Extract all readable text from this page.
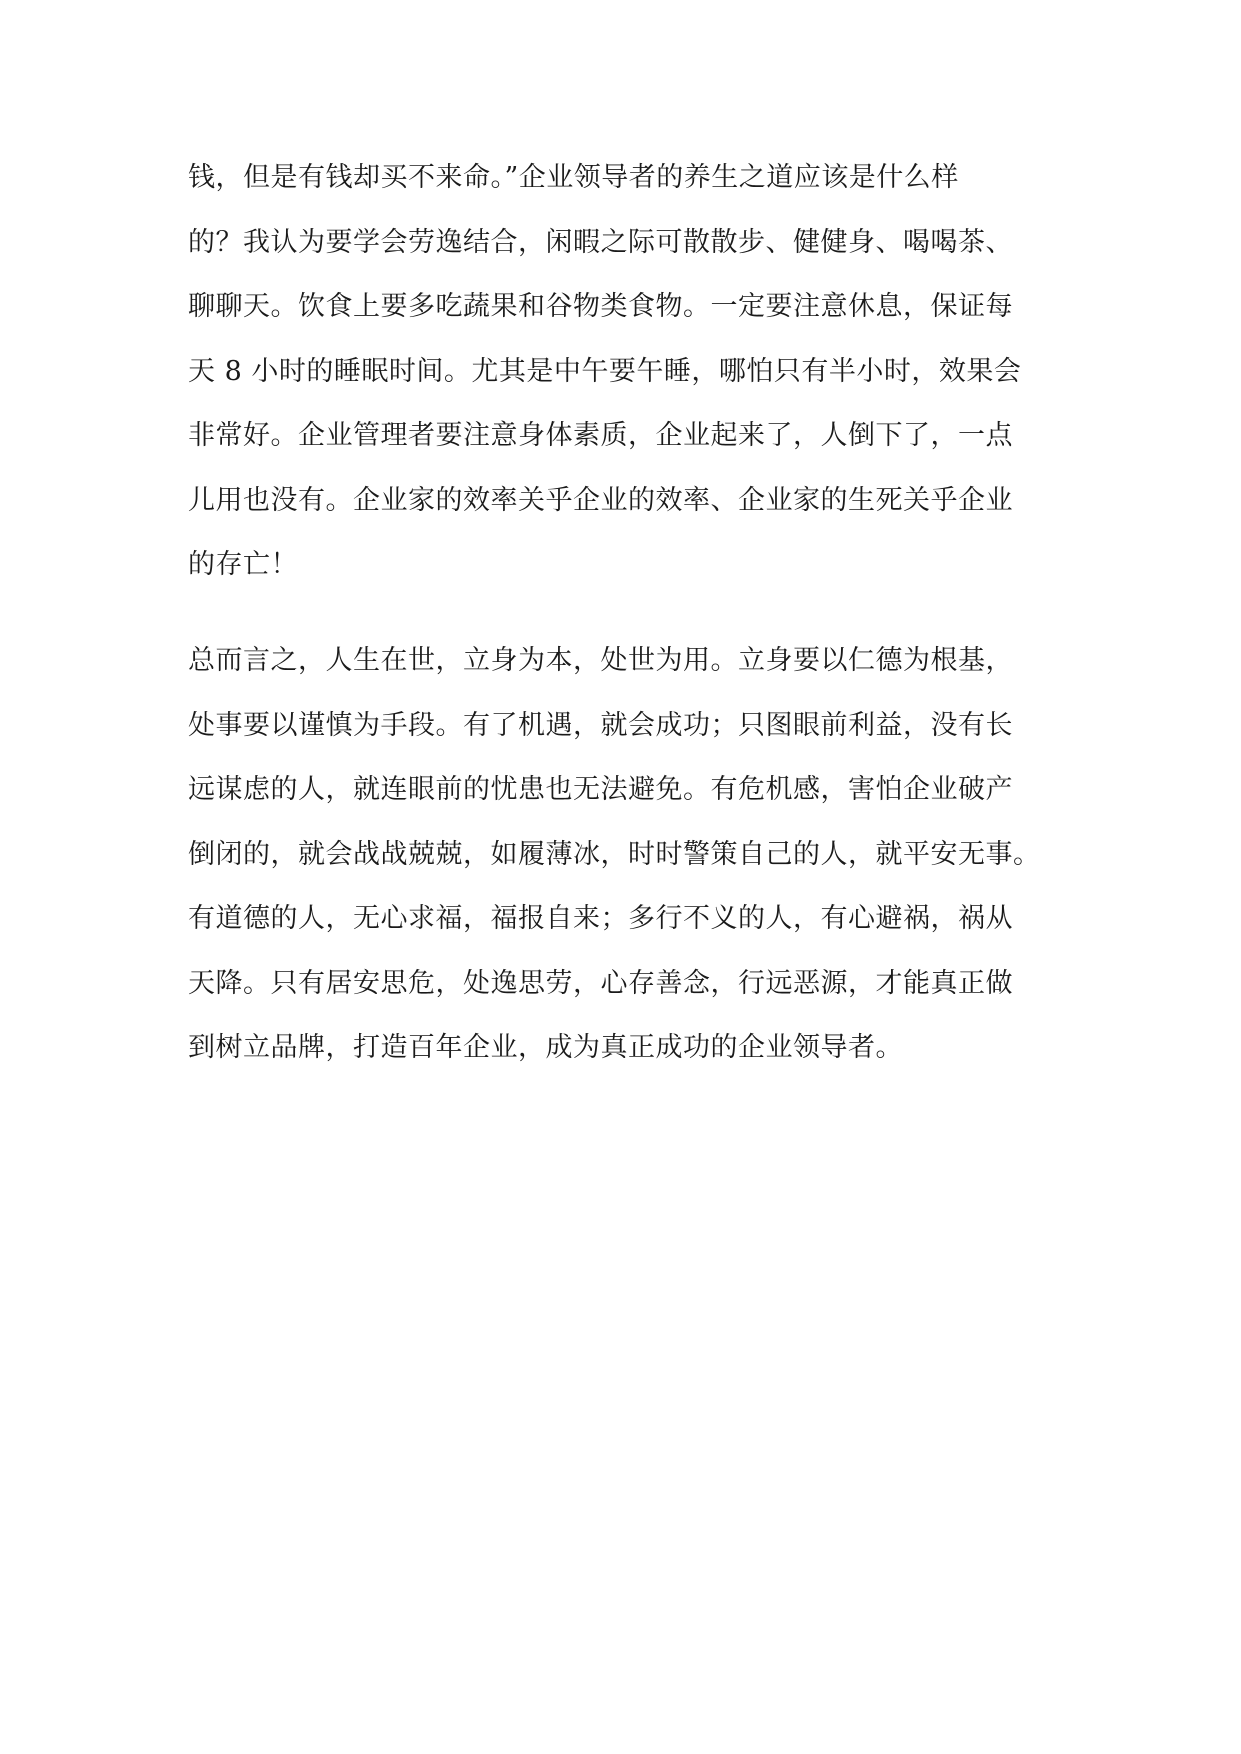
钱，但是有钱却买不来命。”企业领导者的养生之道应该是什么样
的？我认为要学会劳逸结合，闲暇之际可散散步、健健身、喝喝茶、
聊聊天。饮食上要多吃蔬果和谷物类食物。一定要注意休息，保证每
天 8 小时的睡眠时间。尤其是中午要午睡，哪怕只有半小时，效果会
非常好。企业管理者要注意身体素质，企业起来了，人倒下了，一点
儿用也没有。企业家的效率关乎企业的效率、企业家的生死关乎企业
的存亡！
总而言之，人生在世，立身为本，处世为用。立身要以仁德为根基，
处事要以谨慎为手段。有了机遇，就会成功；只图眼前利益，没有长
远谋虑的人，就连眼前的忧患也无法避免。有危机感，害怕企业破产
倒闭的，就会战战兢兢，如履薄冰，时时警策自己的人，就平安无事。
有道德的人，无心求福，福报自来；多行不义的人，有心避祸，祸从
天降。只有居安思危，处逸思劳，心存善念，行远恶源，才能真正做
到树立品牌，打造百年企业，成为真正成功的企业领导者。
